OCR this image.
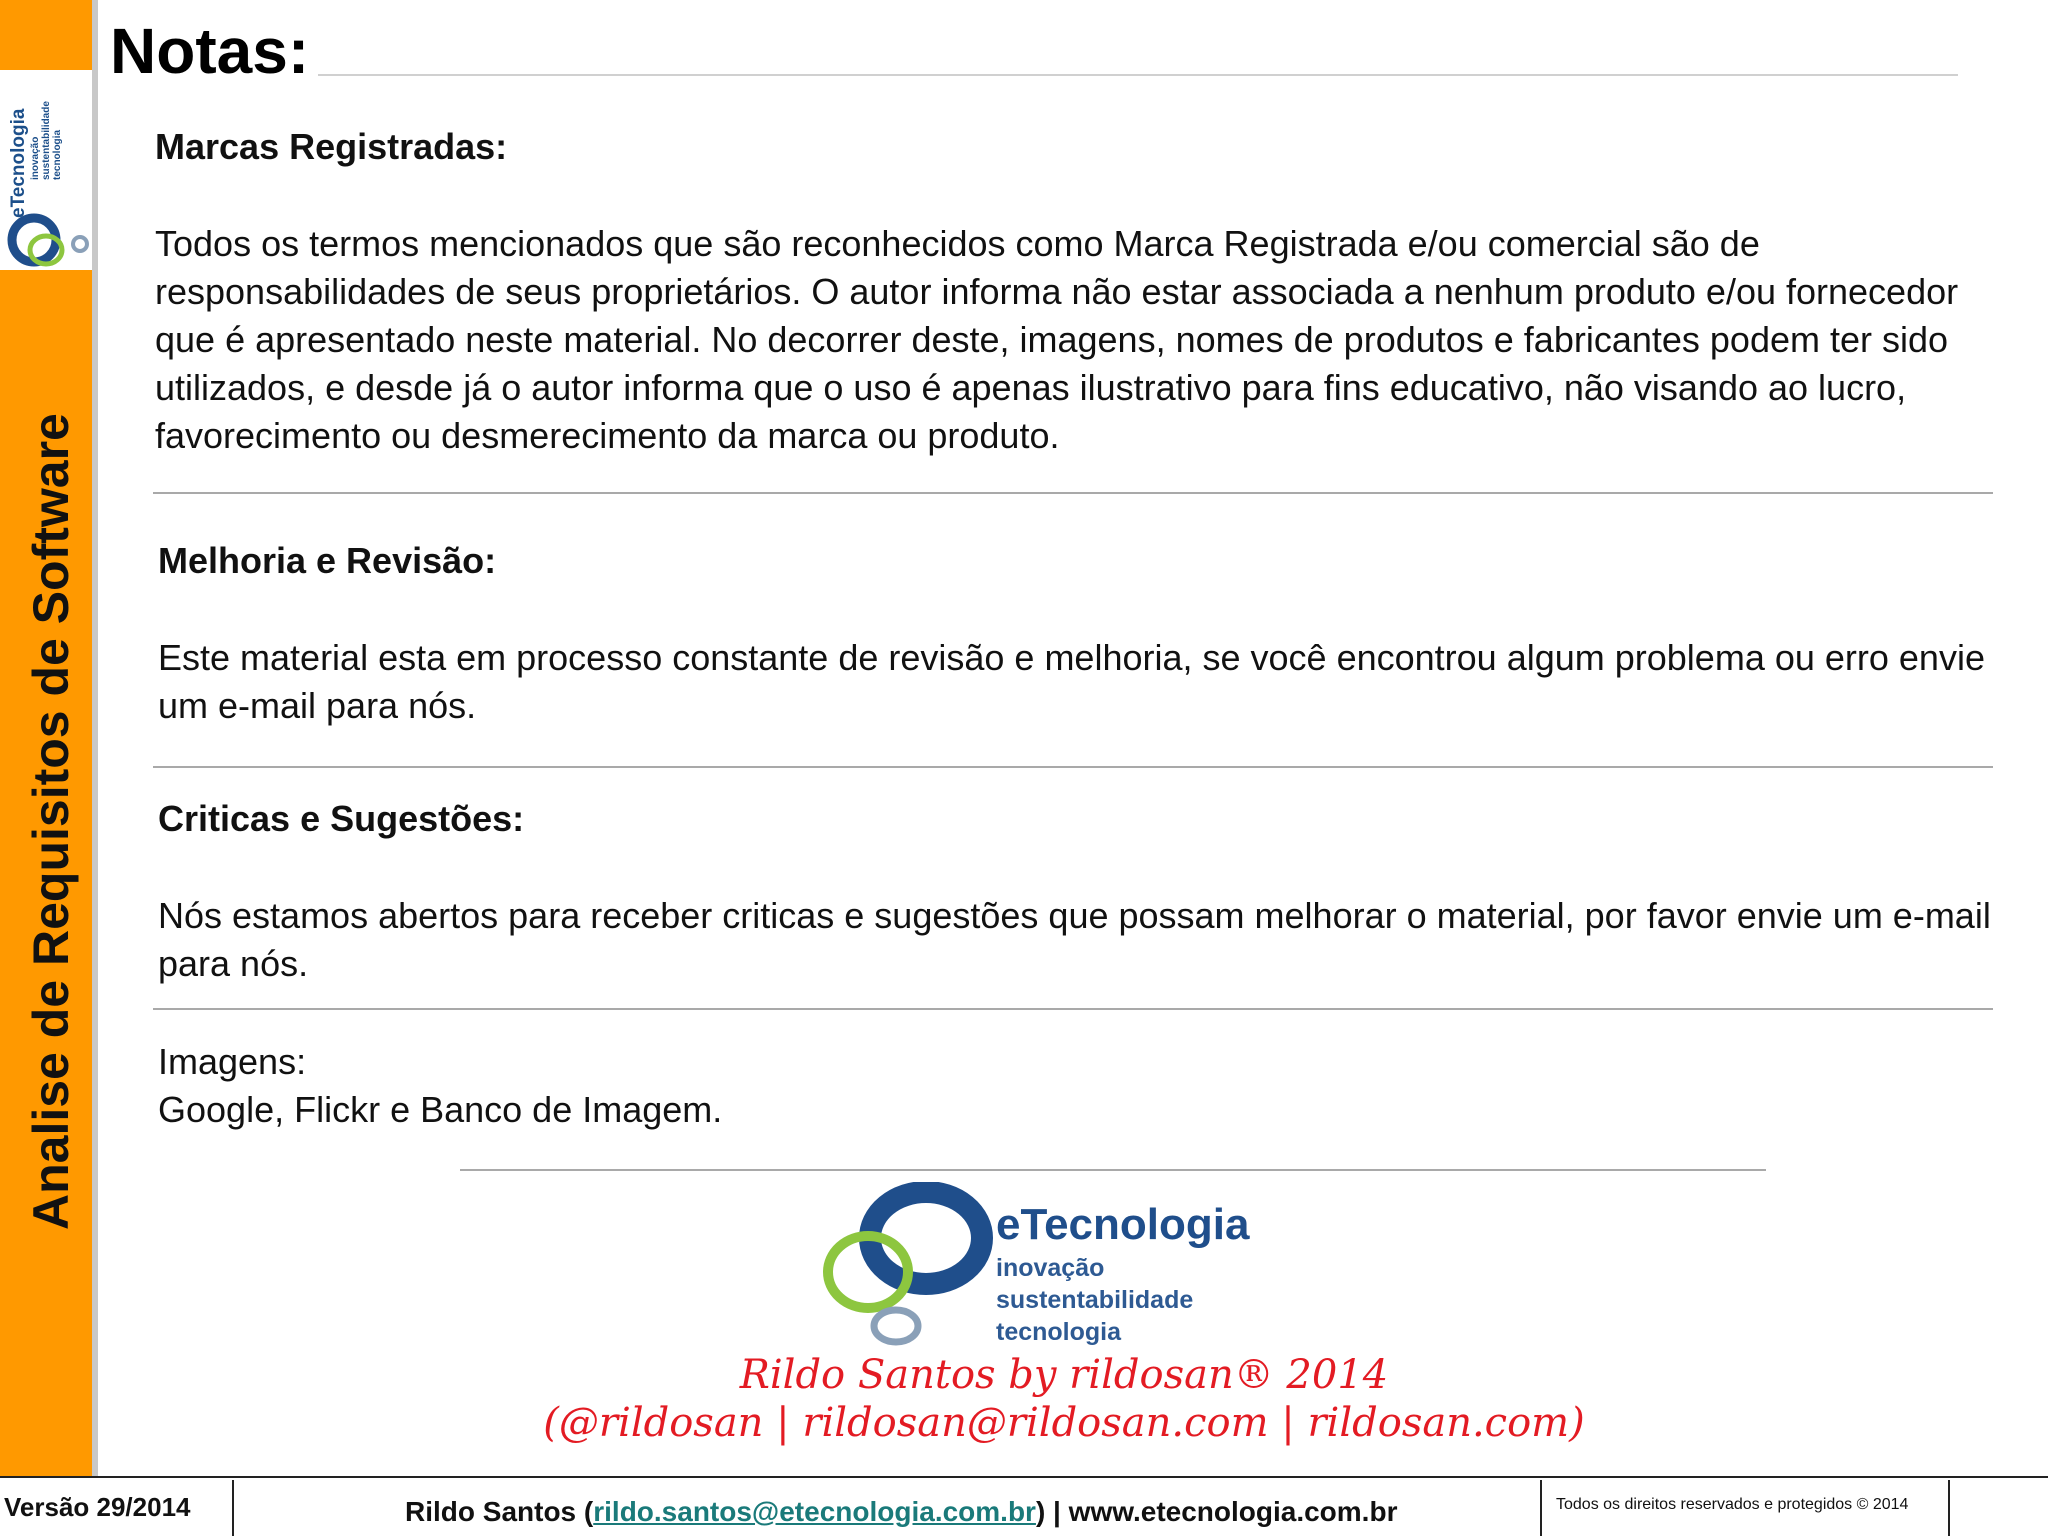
eTecnologia inovação sustentabilidade tecnologia
Analise de Requisitos de Software
Notas:

Marcas Registradas:

Todos os termos mencionados que são reconhecidos como Marca Registrada e/ou comercial são de responsabilidades de seus proprietários. O autor informa não estar associada a nenhum produto e/ou fornecedor que é apresentado neste material. No decorrer deste, imagens, nomes de produtos e fabricantes podem ter sido utilizados, e desde já o autor informa que o uso é apenas ilustrativo para fins educativo, não visando ao lucro, favorecimento ou desmerecimento da marca ou produto.

Melhoria e Revisão:

Este material esta em processo constante de revisão e melhoria, se você encontrou algum problema ou erro envie um e-mail para nós.

Criticas e Sugestões:

Nós estamos abertos para receber criticas e sugestões que possam melhorar o material, por favor envie um e-mail para nós.

Imagens:
Google, Flickr e Banco de Imagem.
eTecnologia
inovação
sustentabilidade
tecnologia
Rildo Santos by rildosan® 2014
(@rildosan | rildosan@rildosan.com | rildosan.com)
Versão 29/2014	Rildo Santos (rildo.santos@etecnologia.com.br) | www.etecnologia.com.br	Todos os direitos reservados e protegidos © 2014
